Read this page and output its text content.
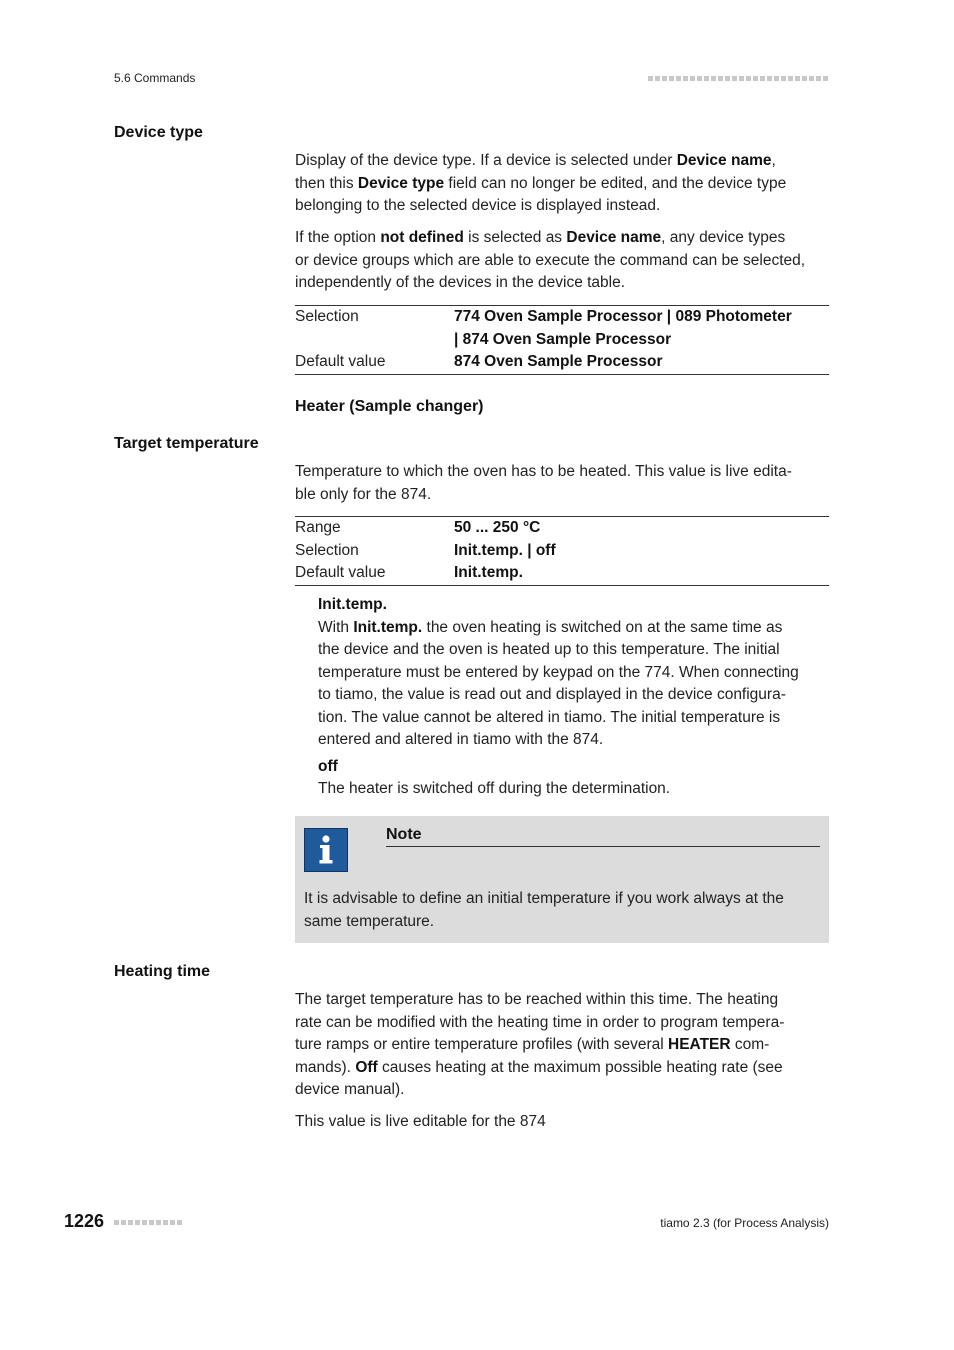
5.6 Commands
Device type
Display of the device type. If a device is selected under Device name,
then this Device type field can no longer be edited, and the device type
belonging to the selected device is displayed instead.
If the option not defined is selected as Device name, any device types
or device groups which are able to execute the command can be selected,
independently of the devices in the device table.
Selection	774 Oven Sample Processor | 089 Photometer
| 874 Oven Sample Processor
Default value	874 Oven Sample Processor
Heater (Sample changer)
Target temperature
Temperature to which the oven has to be heated. This value is live edita-
ble only for the 874.
Range	50 ... 250 °C
Selection	Init.temp. | off
Default value	Init.temp.
Init.temp.
With Init.temp. the oven heating is switched on at the same time as
the device and the oven is heated up to this temperature. The initial
temperature must be entered by keypad on the 774. When connecting
to tiamo, the value is read out and displayed in the device configura-
tion. The value cannot be altered in tiamo. The initial temperature is
entered and altered in tiamo with the 874.
off
The heater is switched off during the determination.
Note
It is advisable to define an initial temperature if you work always at the
same temperature.
Heating time
The target temperature has to be reached within this time. The heating
rate can be modified with the heating time in order to program tempera-
ture ramps or entire temperature profiles (with several HEATER com-
mands). Off causes heating at the maximum possible heating rate (see
device manual).
This value is live editable for the 874
1226	tiamo 2.3 (for Process Analysis)
